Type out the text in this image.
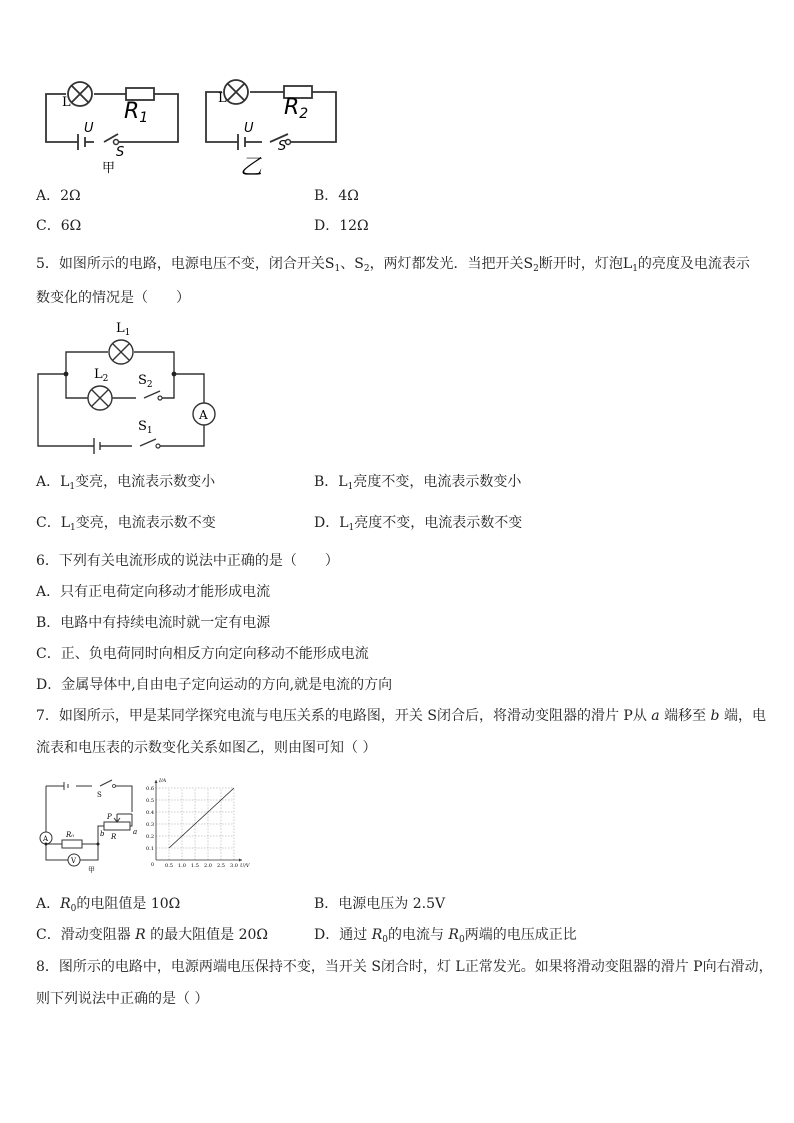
L R1
U
S
甲
L	R2
U
S
乙
A．2Ω	B．4Ω
C．6Ω	D．12Ω
5．如图所示的电路，电源电压不变，闭合开关$S_1$、$S_2$，两灯都发光．当把开关$S_2$断开时，灯泡$L_1$的亮度及电流表示
数变化的情况是（　　）
$L_1$
$L_2$ $S_2$
$S_1$
A
A．$L_1$变亮，电流表示数变小	B．$L_1$亮度不变，电流表示数变小
C．$L_1$变亮，电流表示数不变	D．$L_1$亮度不变，电流表示数不变
6．下列有关电流形成的说法中正确的是（　　）
A．只有正电荷定向移动才能形成电流
B．电路中有持续电流时就一定有电源
C．正、负电荷同时向相反方向定向移动不能形成电流
D．金属导体中,自由电子定向运动的方向,就是电流的方向
7．如图所示，甲是某同学探究电流与电压关系的电路图，开关 S闭合后，将滑动变阻器的滑片 P从 a 端移至 b 端，电
流表和电压表的示数变化关系如图乙，则由图可知（ ）
A
V
S
R₀
P
R
b	a
甲	0.5 1.0 1.5 2.0 2.5 3.0
0.1
0.2
0.3
0.4
0.5
0.6
0	U/V
I/A
A．$R_0$的电阻值是 10Ω	B．电源电压为 2.5V
C．滑动变阻器 R 的最大阻值是 20Ω	D．通过 $R_0$的电流与 $R_0$两端的电压成正比
8．图所示的电路中，电源两端电压保持不变，当开关 S闭合时，灯 L正常发光。如果将滑动变阻器的滑片 P向右滑动，
则下列说法中正确的是（ ）
